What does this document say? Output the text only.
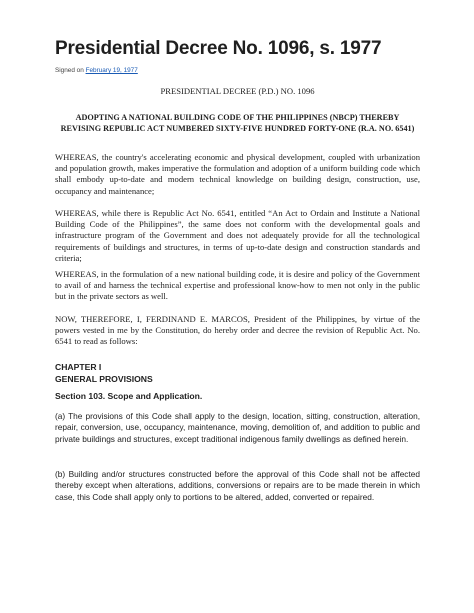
Presidential Decree No. 1096, s. 1977
Signed on February 19, 1977
PRESIDENTIAL DECREE (P.D.) NO. 1096
ADOPTING A NATIONAL BUILDING CODE OF THE PHILIPPINES (NBCP) THEREBY REVISING REPUBLIC ACT NUMBERED SIXTY-FIVE HUNDRED FORTY-ONE (R.A. NO. 6541)
WHEREAS, the country's accelerating economic and physical development, coupled with urbanization and population growth, makes imperative the formulation and adoption of a uniform building code which shall embody up-to-date and modern technical knowledge on building design, construction, use, occupancy and maintenance;
WHEREAS, while there is Republic Act No. 6541, entitled “An Act to Ordain and Institute a National Building Code of the Philippines”, the same does not conform with the developmental goals and infrastructure program of the Government and does not adequately provide for all the technological requirements of buildings and structures, in terms of up-to-date design and construction standards and criteria;
WHEREAS, in the formulation of a new national building code, it is desire and policy of the Government to avail of and harness the technical expertise and professional know-how to men not only in the public but in the private sectors as well.
NOW, THEREFORE, I, FERDINAND E. MARCOS, President of the Philippines, by virtue of the powers vested in me by the Constitution, do hereby order and decree the revision of Republic Act. No. 6541 to read as follows:
CHAPTER I
GENERAL PROVISIONS
Section 103. Scope and Application.
(a) The provisions of this Code shall apply to the design, location, sitting, construction, alteration, repair, conversion, use, occupancy, maintenance, moving, demolition of, and addition to public and private buildings and structures, except traditional indigenous family dwellings as defined herein.
(b) Building and/or structures constructed before the approval of this Code shall not be affected thereby except when alterations, additions, conversions or repairs are to be made therein in which case, this Code shall apply only to portions to be altered, added, converted or repaired.
